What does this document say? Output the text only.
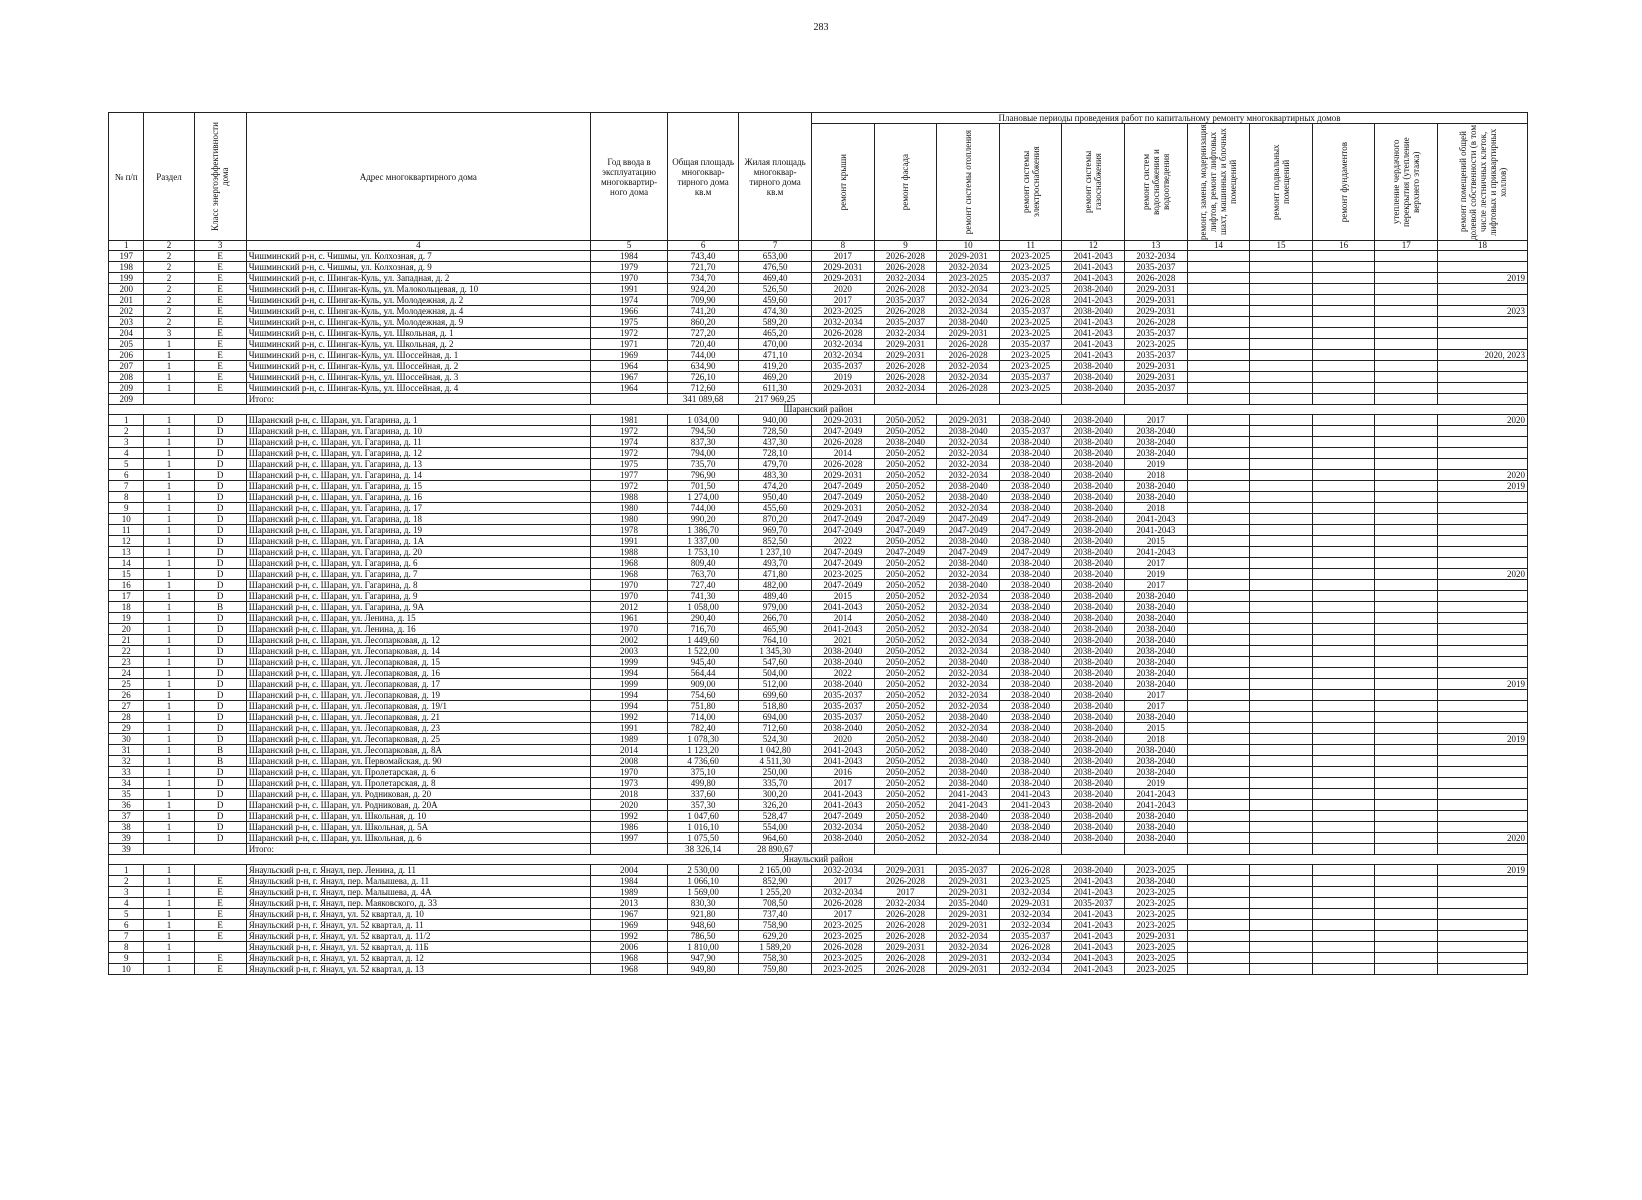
283
№ п/п	Раздел	Класс энергоэффективности дома	Адрес многоквартирного дома	Год ввода в эксплуатацию многоквартир-ного дома	Общая площадь многоквар-тирного дома кв.м	Жилая площадь многоквар-тирного дома кв.м	Плановые периоды проведения работ по капитальному ремонту многоквартирных домов										

							ремонт крыши	ремонт фасада	ремонт системы отопления	ремонт системы электроснабжения	ремонт системы газоснабжения	ремонт систем водоснабжения и водоотведения	ремонт, замена, модернизация лифтов, ремонт лифтовых шахт, машинных и блочных помещений	ремонт подвальных помещений	ремонт фундаментов	утепление чердачного перекрытия (утепление верхнего этажа)	ремонт помещений общей долевой собственности (в том числе лестничных клеток, лифтовых и приквартирных холлов)

1	2	3	4	5	6	7	8	9	10	11	12	13	14	15	16	17	18
197	2	E	Чишминский р-н, с. Чишмы, ул. Колхозная, д. 7	1984	743,40	653,00	2017	2026-2028	2029-2031	2023-2025	2041-2043	2032-2034					
198	2	E	Чишминский р-н, с. Чишмы, ул. Колхозная, д. 9	1979	721,70	476,50	2029-2031	2026-2028	2032-2034	2023-2025	2041-2043	2035-2037					
199	2	E	Чишминский р-н, с. Шингак-Куль, ул. Западная, д. 2	1970	734,70	469,40	2029-2031	2032-2034	2023-2025	2035-2037	2041-2043	2026-2028					2019
200	2	E	Чишминский р-н, с. Шингак-Куль, ул. Малокольцевая, д. 10	1991	924,20	526,50	2020	2026-2028	2032-2034	2023-2025	2038-2040	2029-2031					
201	2	E	Чишминский р-н, с. Шингак-Куль, ул. Молодежная, д. 2	1974	709,90	459,60	2017	2035-2037	2032-2034	2026-2028	2041-2043	2029-2031					
202	2	E	Чишминский р-н, с. Шингак-Куль, ул. Молодежная, д. 4	1966	741,20	474,30	2023-2025	2026-2028	2032-2034	2035-2037	2038-2040	2029-2031					2023
203	2	E	Чишминский р-н, с. Шингак-Куль, ул. Молодежная, д. 9	1975	860,20	589,20	2032-2034	2035-2037	2038-2040	2023-2025	2041-2043	2026-2028					
204	3	E	Чишминский р-н, с. Шингак-Куль, ул. Школьная, д. 1	1972	727,20	465,20	2026-2028	2032-2034	2029-2031	2023-2025	2041-2043	2035-2037					
205	1	E	Чишминский р-н, с. Шингак-Куль, ул. Школьная, д. 2	1971	720,40	470,00	2032-2034	2029-2031	2026-2028	2035-2037	2041-2043	2023-2025					
206	1	E	Чишминский р-н, с. Шингак-Куль, ул. Шоссейная, д. 1	1969	744,00	471,10	2032-2034	2029-2031	2026-2028	2023-2025	2041-2043	2035-2037					2020, 2023
207	1	E	Чишминский р-н, с. Шингак-Куль, ул. Шоссейная, д. 2	1964	634,90	419,20	2035-2037	2026-2028	2032-2034	2023-2025	2038-2040	2029-2031					
208	1	E	Чишминский р-н, с. Шингак-Куль, ул. Шоссейная, д. 3	1967	726,10	469,20	2019	2026-2028	2032-2034	2035-2037	2038-2040	2029-2031					
209	1	E	Чишминский р-н, с. Шингак-Куль, ул. Шоссейная, д. 4	1964	712,60	611,30	2029-2031	2032-2034	2026-2028	2023-2025	2038-2040	2035-2037					
209			Итого:		341 089,68	217 969,25											
Шаранский район																	
1	1	D	Шаранский р-н, с. Шаран, ул. Гагарина, д. 1	1981	1 034,00	940,00	2029-2031	2050-2052	2029-2031	2038-2040	2038-2040	2017					2020
2	1	D	Шаранский р-н, с. Шаран, ул. Гагарина, д. 10	1972	794,50	728,50	2047-2049	2050-2052	2038-2040	2035-2037	2038-2040	2038-2040					
3	1	D	Шаранский р-н, с. Шаран, ул. Гагарина, д. 11	1974	837,30	437,30	2026-2028	2038-2040	2032-2034	2038-2040	2038-2040	2038-2040					
4	1	D	Шаранский р-н, с. Шаран, ул. Гагарина, д. 12	1972	794,00	728,10	2014	2050-2052	2032-2034	2038-2040	2038-2040	2038-2040					
5	1	D	Шаранский р-н, с. Шаран, ул. Гагарина, д. 13	1975	735,70	479,70	2026-2028	2050-2052	2032-2034	2038-2040	2038-2040	2019					
6	1	D	Шаранский р-н, с. Шаран, ул. Гагарина, д. 14	1977	796,90	483,30	2029-2031	2050-2052	2032-2034	2038-2040	2038-2040	2018					2020
7	1	D	Шаранский р-н, с. Шаран, ул. Гагарина, д. 15	1972	701,50	474,20	2047-2049	2050-2052	2038-2040	2038-2040	2038-2040	2038-2040					2019
8	1	D	Шаранский р-н, с. Шаран, ул. Гагарина, д. 16	1988	1 274,00	950,40	2047-2049	2050-2052	2038-2040	2038-2040	2038-2040	2038-2040					
9	1	D	Шаранский р-н, с. Шаран, ул. Гагарина, д. 17	1980	744,00	455,60	2029-2031	2050-2052	2032-2034	2038-2040	2038-2040	2018					
10	1	D	Шаранский р-н, с. Шаран, ул. Гагарина, д. 18	1980	990,20	870,20	2047-2049	2047-2049	2047-2049	2047-2049	2038-2040	2041-2043					
11	1	D	Шаранский р-н, с. Шаран, ул. Гагарина, д. 19	1978	1 386,70	969,70	2047-2049	2047-2049	2047-2049	2047-2049	2038-2040	2041-2043					
12	1	D	Шаранский р-н, с. Шаран, ул. Гагарина, д. 1А	1991	1 337,00	852,50	2022	2050-2052	2038-2040	2038-2040	2038-2040	2015					
13	1	D	Шаранский р-н, с. Шаран, ул. Гагарина, д. 20	1988	1 753,10	1 237,10	2047-2049	2047-2049	2047-2049	2047-2049	2038-2040	2041-2043					
14	1	D	Шаранский р-н, с. Шаран, ул. Гагарина, д. 6	1968	809,40	493,70	2047-2049	2050-2052	2038-2040	2038-2040	2038-2040	2017					
15	1	D	Шаранский р-н, с. Шаран, ул. Гагарина, д. 7	1968	763,70	471,80	2023-2025	2050-2052	2032-2034	2038-2040	2038-2040	2019					2020
16	1	D	Шаранский р-н, с. Шаран, ул. Гагарина, д. 8	1970	727,40	482,00	2047-2049	2050-2052	2038-2040	2038-2040	2038-2040	2017					
17	1	D	Шаранский р-н, с. Шаран, ул. Гагарина, д. 9	1970	741,30	489,40	2015	2050-2052	2032-2034	2038-2040	2038-2040	2038-2040					
18	1	B	Шаранский р-н, с. Шаран, ул. Гагарина, д. 9А	2012	1 058,00	979,00	2041-2043	2050-2052	2032-2034	2038-2040	2038-2040	2038-2040					
19	1	D	Шаранский р-н, с. Шаран, ул. Ленина, д. 15	1961	290,40	266,70	2014	2050-2052	2038-2040	2038-2040	2038-2040	2038-2040					
20	1	D	Шаранский р-н, с. Шаран, ул. Ленина, д. 16	1970	716,70	465,90	2041-2043	2050-2052	2032-2034	2038-2040	2038-2040	2038-2040					
21	1	D	Шаранский р-н, с. Шаран, ул. Лесопарковая, д. 12	2002	1 449,60	764,10	2021	2050-2052	2032-2034	2038-2040	2038-2040	2038-2040					
22	1	D	Шаранский р-н, с. Шаран, ул. Лесопарковая, д. 14	2003	1 522,00	1 345,30	2038-2040	2050-2052	2032-2034	2038-2040	2038-2040	2038-2040					
23	1	D	Шаранский р-н, с. Шаран, ул. Лесопарковая, д. 15	1999	945,40	547,60	2038-2040	2050-2052	2038-2040	2038-2040	2038-2040	2038-2040					
24	1	D	Шаранский р-н, с. Шаран, ул. Лесопарковая, д. 16	1994	564,44	504,00	2022	2050-2052	2032-2034	2038-2040	2038-2040	2038-2040					
25	1	D	Шаранский р-н, с. Шаран, ул. Лесопарковая, д. 17	1999	909,00	512,00	2038-2040	2050-2052	2032-2034	2038-2040	2038-2040	2038-2040					2019
26	1	D	Шаранский р-н, с. Шаран, ул. Лесопарковая, д. 19	1994	754,60	699,60	2035-2037	2050-2052	2032-2034	2038-2040	2038-2040	2017					
27	1	D	Шаранский р-н, с. Шаран, ул. Лесопарковая, д. 19/1	1994	751,80	518,80	2035-2037	2050-2052	2032-2034	2038-2040	2038-2040	2017					
28	1	D	Шаранский р-н, с. Шаран, ул. Лесопарковая, д. 21	1992	714,00	694,00	2035-2037	2050-2052	2038-2040	2038-2040	2038-2040	2038-2040					
29	1	D	Шаранский р-н, с. Шаран, ул. Лесопарковая, д. 23	1991	782,40	712,60	2038-2040	2050-2052	2032-2034	2038-2040	2038-2040	2015					
30	1	D	Шаранский р-н, с. Шаран, ул. Лесопарковая, д. 25	1989	1 078,30	524,30	2020	2050-2052	2038-2040	2038-2040	2038-2040	2018					2019
31	1	B	Шаранский р-н, с. Шаран, ул. Лесопарковая, д. 8А	2014	1 123,20	1 042,80	2041-2043	2050-2052	2038-2040	2038-2040	2038-2040	2038-2040					
32	1	B	Шаранский р-н, с. Шаран, ул. Первомайская, д. 90	2008	4 736,60	4 511,30	2041-2043	2050-2052	2038-2040	2038-2040	2038-2040	2038-2040					
33	1	D	Шаранский р-н, с. Шаран, ул. Пролетарская, д. 6	1970	375,10	250,00	2016	2050-2052	2038-2040	2038-2040	2038-2040	2038-2040					
34	1	D	Шаранский р-н, с. Шаран, ул. Пролетарская, д. 8	1973	499,80	335,70	2017	2050-2052	2038-2040	2038-2040	2038-2040	2019					
35	1	D	Шаранский р-н, с. Шаран, ул. Родниковая, д. 20	2018	337,60	300,20	2041-2043	2050-2052	2041-2043	2041-2043	2038-2040	2041-2043					
36	1	D	Шаранский р-н, с. Шаран, ул. Родниковая, д. 20А	2020	357,30	326,20	2041-2043	2050-2052	2041-2043	2041-2043	2038-2040	2041-2043					
37	1	D	Шаранский р-н, с. Шаран, ул. Школьная, д. 10	1992	1 047,60	528,47	2047-2049	2050-2052	2038-2040	2038-2040	2038-2040	2038-2040					
38	1	D	Шаранский р-н, с. Шаран, ул. Школьная, д. 5А	1986	1 016,10	554,00	2032-2034	2050-2052	2038-2040	2038-2040	2038-2040	2038-2040					
39	1	D	Шаранский р-н, с. Шаран, ул. Школьная, д. 6	1997	1 075,50	964,60	2038-2040	2050-2052	2032-2034	2038-2040	2038-2040	2038-2040					2020
39			Итого:		38 326,14	28 890,67											
Янаульский район																	
1	1		Янаульский р-н, г. Янаул, пер. Ленина, д. 11	2004	2 530,00	2 165,00	2032-2034	2029-2031	2035-2037	2026-2028	2038-2040	2023-2025					2019
2	1	E	Янаульский р-н, г. Янаул, пер. Малышева, д. 11	1984	1 066,10	852,90	2017	2026-2028	2029-2031	2023-2025	2041-2043	2038-2040					
3	1	E	Янаульский р-н, г. Янаул, пер. Малышева, д. 4А	1989	1 569,00	1 255,20	2032-2034	2017	2029-2031	2032-2034	2041-2043	2023-2025					
4	1	E	Янаульский р-н, г. Янаул, пер. Маяковского, д. 33	2013	830,30	708,50	2026-2028	2032-2034	2035-2040	2029-2031	2035-2037	2023-2025					
5	1	E	Янаульский р-н, г. Янаул, ул. 52 квартал, д. 10	1967	921,80	737,40	2017	2026-2028	2029-2031	2032-2034	2041-2043	2023-2025					
6	1	E	Янаульский р-н, г. Янаул, ул. 52 квартал, д. 11	1969	948,60	758,90	2023-2025	2026-2028	2029-2031	2032-2034	2041-2043	2023-2025					
7	1	E	Янаульский р-н, г. Янаул, ул. 52 квартал, д. 11/2	1992	786,50	629,20	2023-2025	2026-2028	2032-2034	2035-2037	2041-2043	2029-2031					
8	1		Янаульский р-н, г. Янаул, ул. 52 квартал, д. 11Б	2006	1 810,00	1 589,20	2026-2028	2029-2031	2032-2034	2026-2028	2041-2043	2023-2025					
9	1	E	Янаульский р-н, г. Янаул, ул. 52 квартал, д. 12	1968	947,90	758,30	2023-2025	2026-2028	2029-2031	2032-2034	2041-2043	2023-2025					
10	1	E	Янаульский р-н, г. Янаул, ул. 52 квартал, д. 13	1968	949,80	759,80	2023-2025	2026-2028	2029-2031	2032-2034	2041-2043	2023-2025					
